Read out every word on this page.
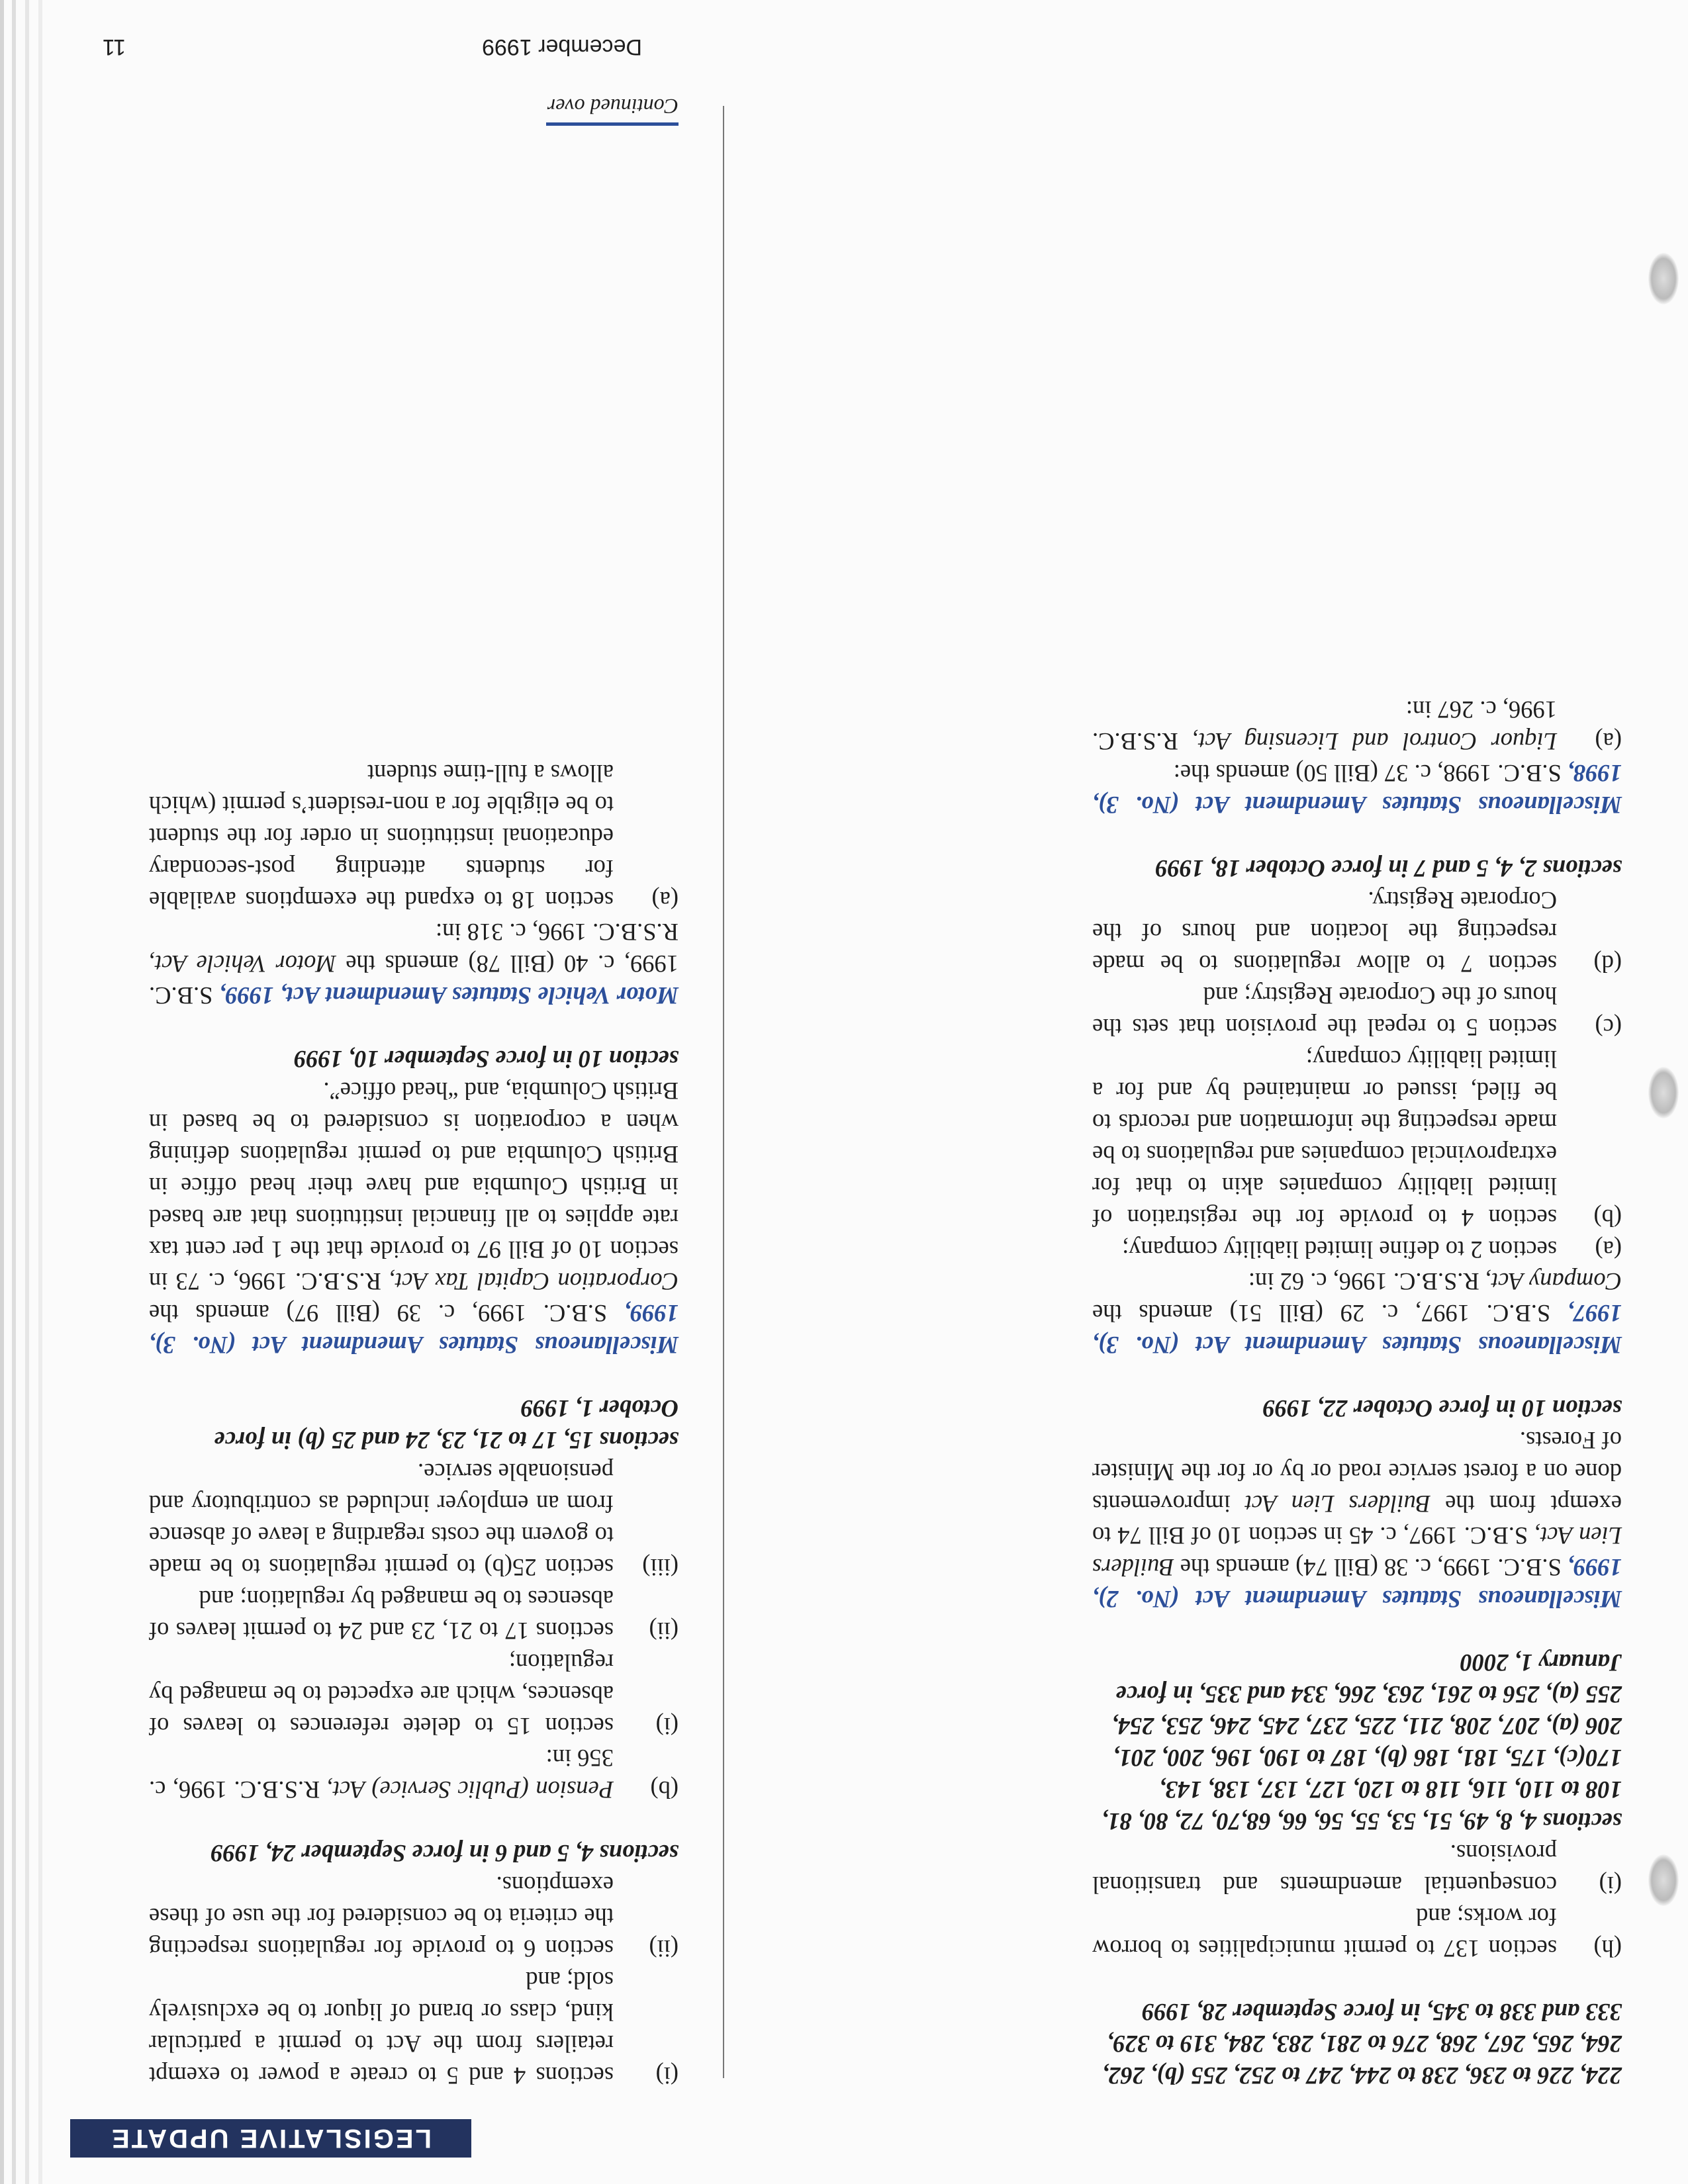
LEGISLATIVE UPDATE
224, 226 to 236, 238 to 244, 247 to 252, 255 (b), 262, 264, 265, 267, 268, 276 to 281, 283, 284, 319 to 329, 333 and 338 to 345, in force September 28, 1999
(h)
section 137 to permit municipalities to borrow for works; and
(i)
consequential amendments and transitional provisions.
sections 4, 8, 49, 51, 53, 55, 56, 66, 68,70, 72, 80, 81, 108 to 110, 116, 118 to 120, 127, 137, 138, 143, 170(c), 175, 181, 186 (b), 187 to 190, 196, 200, 201, 206 (a), 207, 208, 211, 225, 237, 245, 246, 253, 254, 255 (a), 256 to 261, 263, 266, 334 and 335, in force January 1, 2000

Miscellaneous Statutes Amendment Act (No. 2), 1999, S.B.C. 1999, c. 38 (Bill 74) amends the Builders Lien Act, S.B.C. 1997, c. 45 in section 10 of Bill 74 to exempt from the Builders Lien Act improvements done on a forest service road or by or for the Minister of Forests.

section 10 in force October 22, 1999

Miscellaneous Statutes Amendment Act (No. 3), 1997, S.B.C. 1997, c. 29 (Bill 51) amends the Company Act, R.S.B.C. 1996, c. 62 in:

(a)
section 2 to define limited liability company;
(b)
section 4 to provide for the registration of limited liability companies akin to that for extraprovincial companies and regulations to be made respecting the information and records to be filed, issued or maintained by and for a limited liability company;
(c)
section 5 to repeal the provision that sets the hours of the Corporate Registry; and
(d)
section 7 to allow regulations to be made respecting the location and hours of the Corporate Registry.
sections 2, 4, 5 and 7 in force October 18, 1999

Miscellaneous Statutes Amendment Act (No. 3), 1998, S.B.C. 1998, c. 37 (Bill 50) amends the:

(a)
Liquor Control and Licensing Act, R.S.B.C. 1996, c. 267 in:
(i)
sections 4 and 5 to create a power to exempt retailers from the Act to permit a particular kind, class or brand of liquor to be exclusively sold; and
(ii)
section 6 to provide for regulations respecting the criteria to be considered for the use of these exemptions.
sections 4, 5 and 6 in force September 24, 1999
(b)
Pension (Public Service) Act, R.S.B.C. 1996, c. 356 in:
(i)
section 15 to delete references to leaves of absences, which are expected to be managed by regulation;
(ii)
sections 17 to 21, 23 and 24 to permit leaves of absences to be managed by regulation; and
(iii)
section 25(b) to permit regulations to be made to govern the costs regarding a leave of absence from an employer included as contributory and pensionable service.
sections 15, 17 to 21, 23, 24 and 25 (b) in force October 1, 1999

Miscellaneous Statutes Amendment Act (No. 3), 1999, S.B.C. 1999, c. 39 (Bill 97) amends the Corporation Capital Tax Act, R.S.B.C. 1996, c. 73 in section 10 of Bill 97 to provide that the 1 per cent tax rate applies to all financial institutions that are based in British Columbia and have their head office in British Columbia and to permit regulations defining when a corporation is considered to be based in British Columbia, and “head office”.

section 10 in force September 10, 1999

Motor Vehicle Statutes Amendment Act, 1999, S.B.C. 1999, c. 40 (Bill 78) amends the Motor Vehicle Act, R.S.B.C. 1996, c. 318 in:

(a)
section 18 to expand the exemptions available for students attending post-secondary educational institutions in order for the student to be eligible for a non-resident’s permit (which allows a full-time student
Continued over
December 1999
11
